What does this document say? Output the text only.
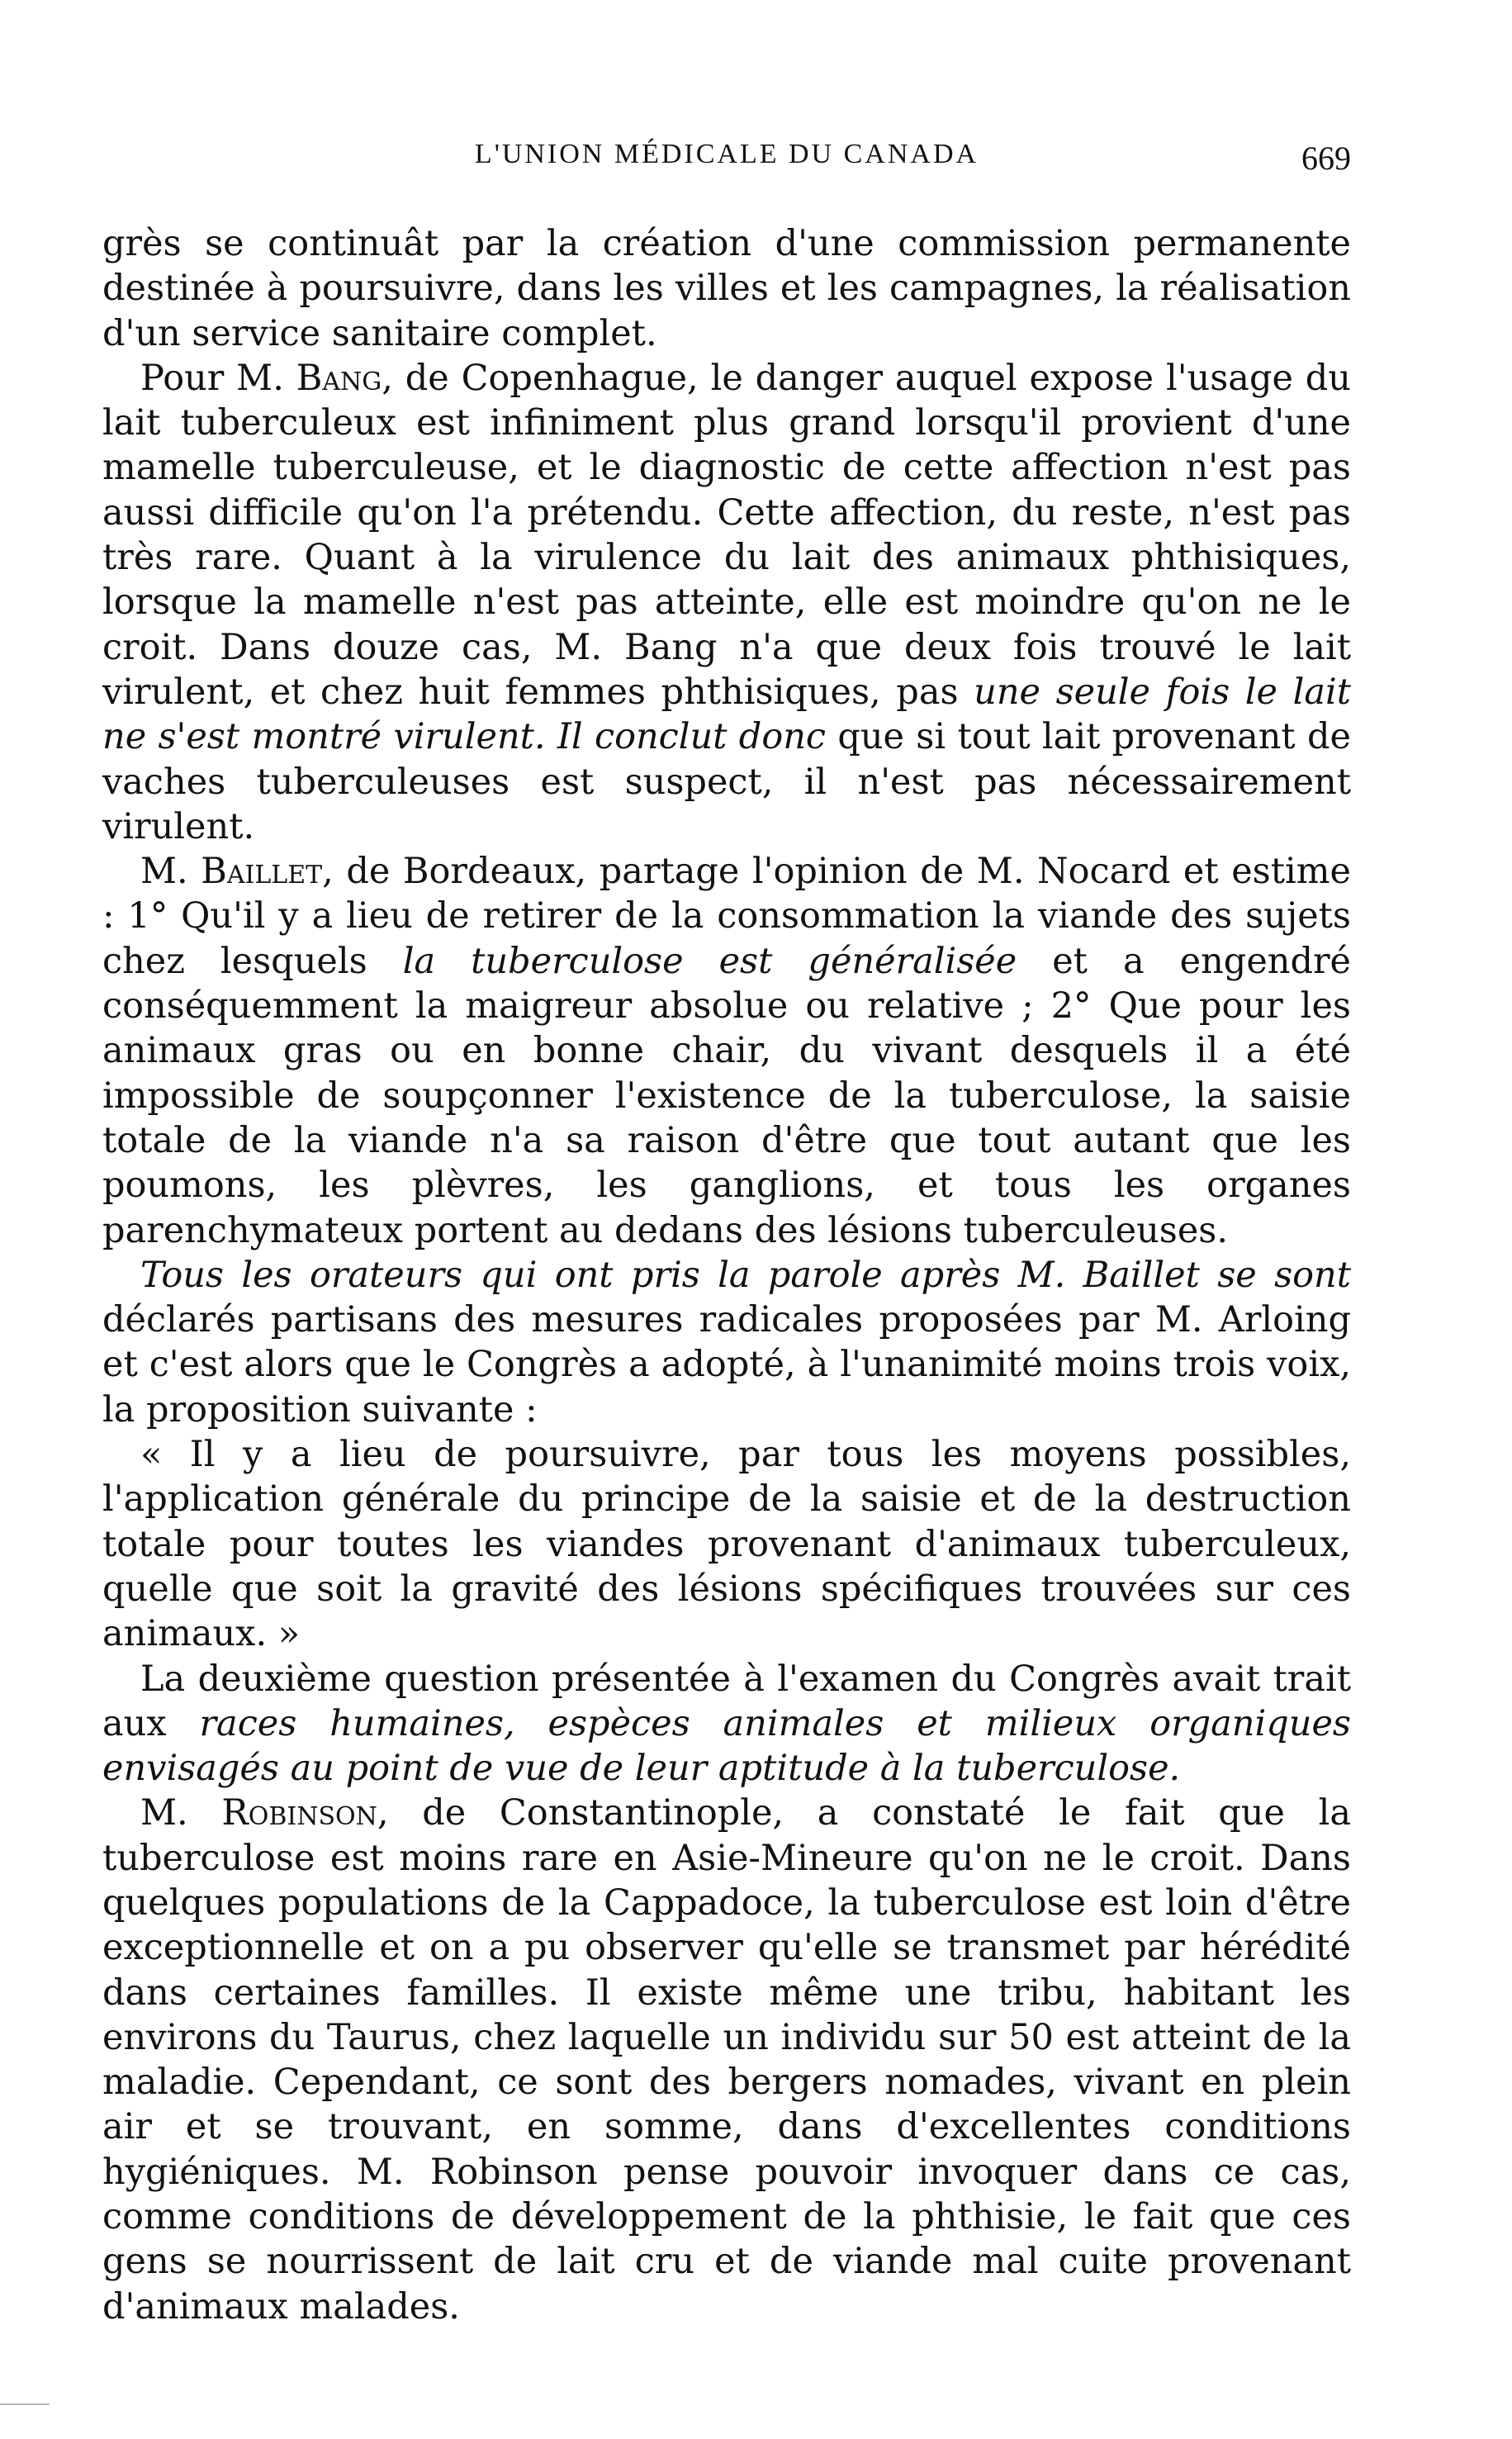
L'UNION MÉDICALE DU CANADA	669

grès se continuât par la création d'une commission permanente destinée à poursuivre, dans les villes et les campagnes, la réalisation d'un service sanitaire complet.

Pour M. Bang, de Copenhague, le danger auquel expose l'usage du lait tuberculeux est infiniment plus grand lorsqu'il provient d'une mamelle tuberculeuse, et le diagnostic de cette affection n'est pas aussi difficile qu'on l'a prétendu. Cette affection, du reste, n'est pas très rare. Quant à la virulence du lait des animaux phthisiques, lorsque la mamelle n'est pas atteinte, elle est moindre qu'on ne le croit. Dans douze cas, M. Bang n'a que deux fois trouvé le lait virulent, et chez huit femmes phthisiques, pas une seule fois le lait ne s'est montré virulent. Il conclut donc que si tout lait provenant de vaches tuberculeuses est suspect, il n'est pas nécessairement virulent.

M. Baillet, de Bordeaux, partage l'opinion de M. Nocard et estime : 1° Qu'il y a lieu de retirer de la consommation la viande des sujets chez lesquels la tuberculose est généralisée et a engendré conséquemment la maigreur absolue ou relative ; 2° Que pour les animaux gras ou en bonne chair, du vivant desquels il a été impossible de soupçonner l'existence de la tuberculose, la saisie totale de la viande n'a sa raison d'être que tout autant que les poumons, les plèvres, les ganglions, et tous les organes parenchymateux portent au dedans des lésions tuberculeuses.

Tous les orateurs qui ont pris la parole après M. Baillet se sont déclarés partisans des mesures radicales proposées par M. Arloing et c'est alors que le Congrès a adopté, à l'unanimité moins trois voix, la proposition suivante :

« Il y a lieu de poursuivre, par tous les moyens possibles, l'application générale du principe de la saisie et de la destruction totale pour toutes les viandes provenant d'animaux tuberculeux, quelle que soit la gravité des lésions spécifiques trouvées sur ces animaux. »

La deuxième question présentée à l'examen du Congrès avait trait aux races humaines, espèces animales et milieux organiques envisagés au point de vue de leur aptitude à la tuberculose.

M. Robinson, de Constantinople, a constaté le fait que la tuberculose est moins rare en Asie-Mineure qu'on ne le croit. Dans quelques populations de la Cappadoce, la tuberculose est loin d'être exceptionnelle et on a pu observer qu'elle se transmet par hérédité dans certaines familles. Il existe même une tribu, habitant les environs du Taurus, chez laquelle un individu sur 50 est atteint de la maladie. Cependant, ce sont des bergers nomades, vivant en plein air et se trouvant, en somme, dans d'excellentes conditions hygiéniques. M. Robinson pense pouvoir invoquer dans ce cas, comme conditions de développement de la phthisie, le fait que ces gens se nourrissent de lait cru et de viande mal cuite provenant d'animaux malades.
